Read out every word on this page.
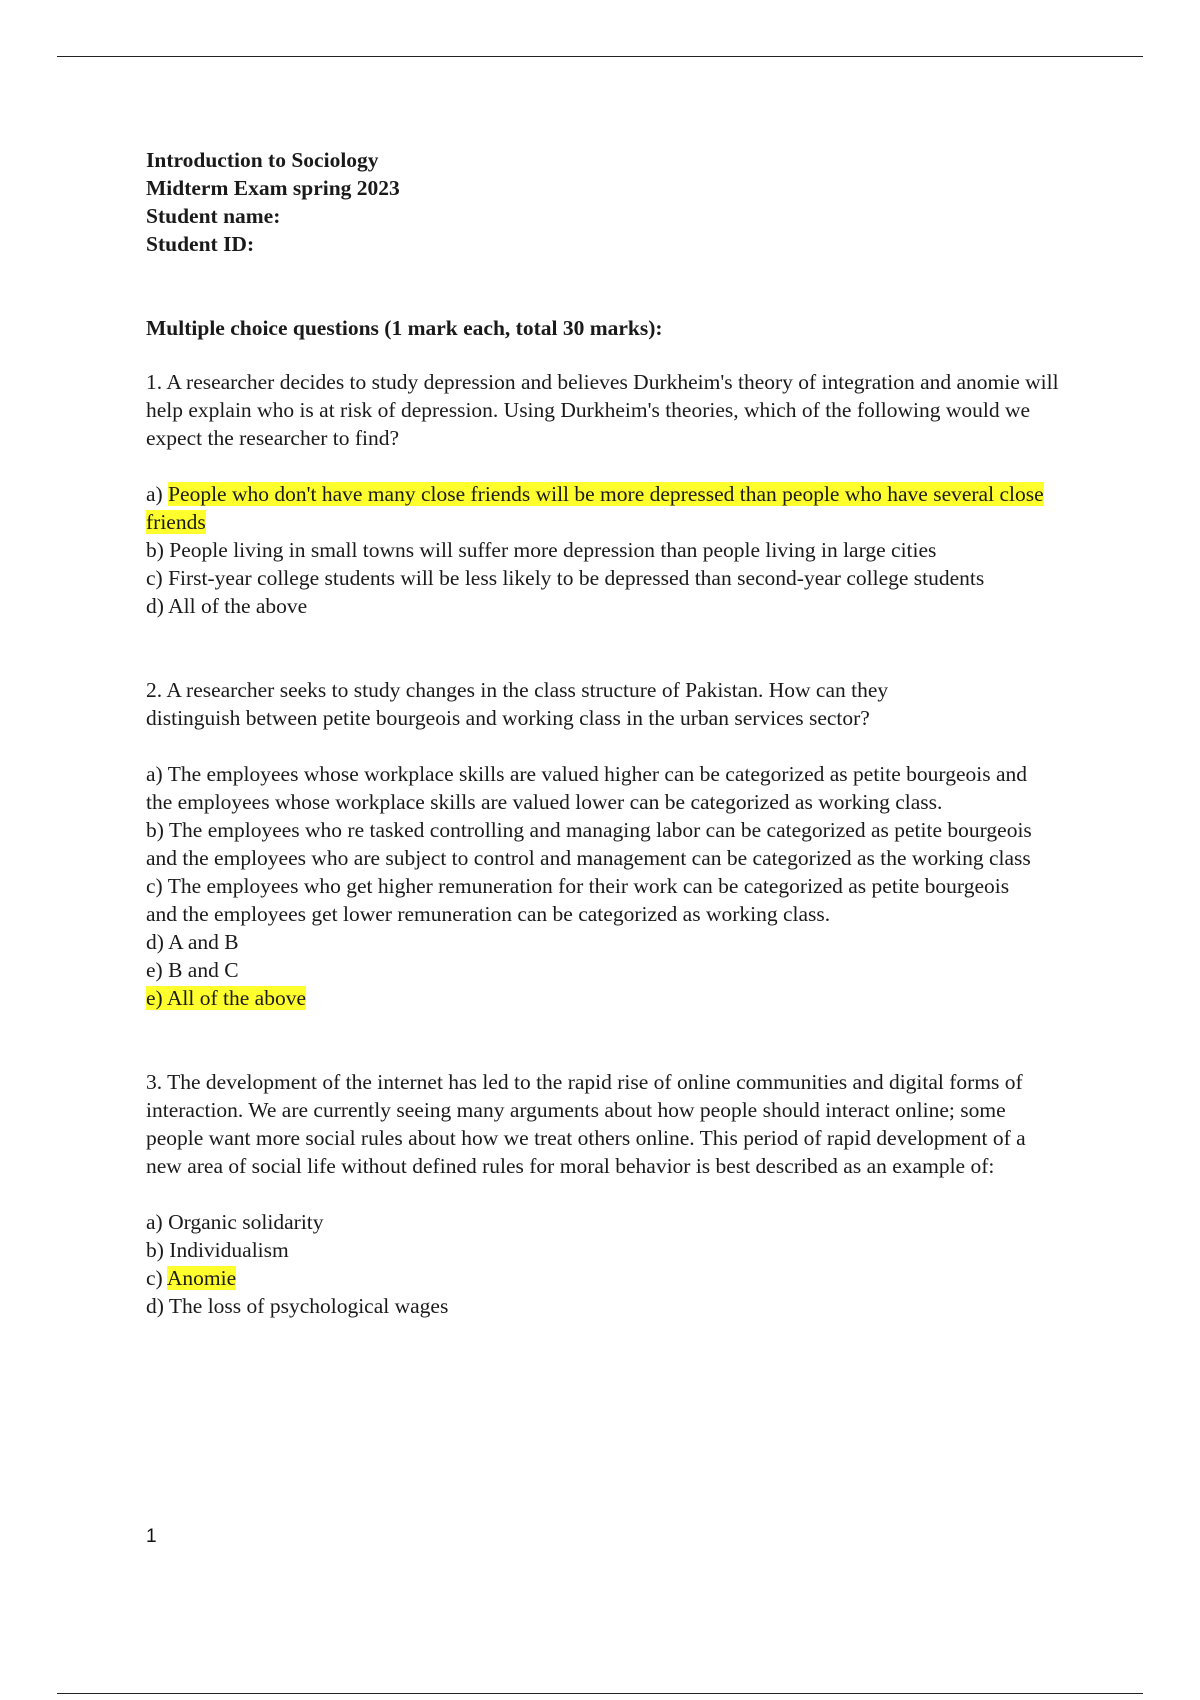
Introduction to Sociology
Midterm Exam spring 2023
Student name:
Student ID:
Multiple choice questions (1 mark each, total 30 marks):

1. A researcher decides to study depression and believes Durkheim's theory of integration and anomie will help explain who is at risk of depression. Using Durkheim's theories, which of the following would we expect the researcher to find?

a) People who don't have many close friends will be more depressed than people who have several close friends
b) People living in small towns will suffer more depression than people living in large cities
c) First-year college students will be less likely to be depressed than second-year college students
d) All of the above

2. A researcher seeks to study changes in the class structure of Pakistan. How can they distinguish between petite bourgeois and working class in the urban services sector?

a) The employees whose workplace skills are valued higher can be categorized as petite bourgeois and the employees whose workplace skills are valued lower can be categorized as working class.
b) The employees who re tasked controlling and managing labor can be categorized as petite bourgeois and the employees who are subject to control and management can be categorized as the working class
c) The employees who get higher remuneration for their work can be categorized as petite bourgeois and the employees get lower remuneration can be categorized as working class.
d) A and B
e) B and C
e) All of the above

3. The development of the internet has led to the rapid rise of online communities and digital forms of interaction. We are currently seeing many arguments about how people should interact online; some people want more social rules about how we treat others online. This period of rapid development of a new area of social life without defined rules for moral behavior is best described as an example of:

a) Organic solidarity
b) Individualism
c) Anomie
d) The loss of psychological wages
1
